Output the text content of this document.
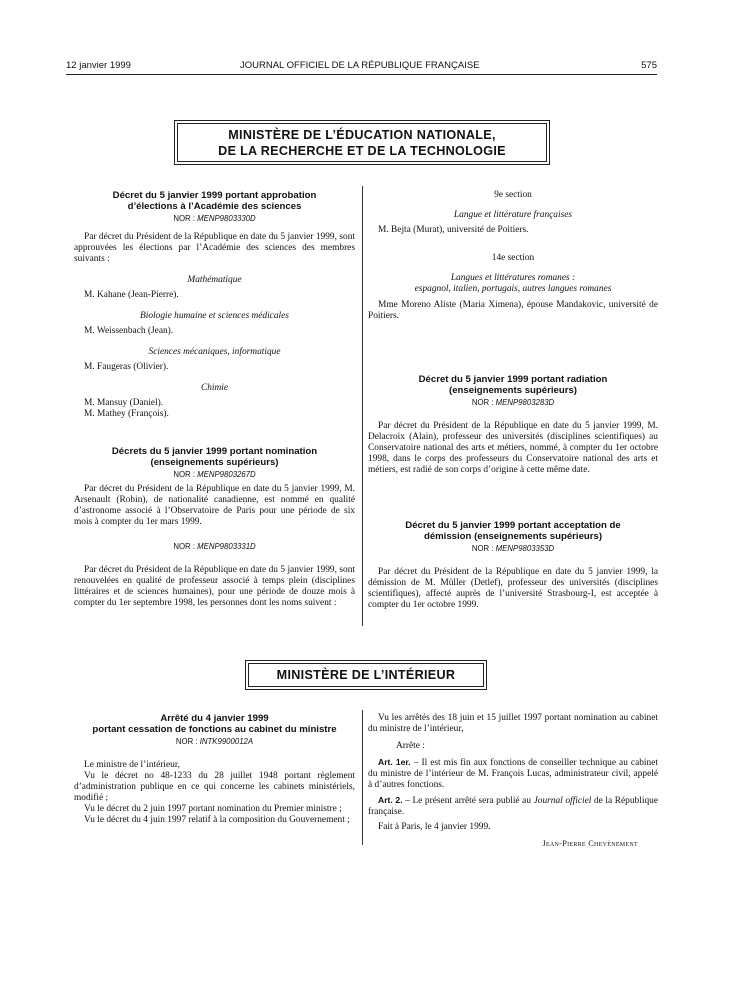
12 janvier 1999	JOURNAL OFFICIEL DE LA RÉPUBLIQUE FRANÇAISE	575
MINISTÈRE DE L’ÉDUCATION NATIONALE,
DE LA RECHERCHE ET DE LA TECHNOLOGIE

Décret du 5 janvier 1999 portant approbation d’élections à l’Académie des sciences

NOR : MENP9803330D

Par décret du Président de la République en date du 5 janvier 1999, sont approuvées les élections par l’Académie des sciences des membres suivants :

Mathématique

M. Kahane (Jean-Pierre).

Biologie humaine et sciences médicales

M. Weissenbach (Jean).

Sciences mécaniques, informatique

M. Faugeras (Olivier).

Chimie

M. Mansuy (Daniel).

M. Mathey (François).

Décrets du 5 janvier 1999 portant nomination (enseignements supérieurs)

NOR : MENP9803267D

Par décret du Président de la République en date du 5 janvier 1999, M. Arsenault (Robin), de nationalité canadienne, est nommé en qualité d’astronome associé à l’Observatoire de Paris pour une période de six mois à compter du 1er mars 1999.

NOR : MENP9803331D

Par décret du Président de la République en date du 5 janvier 1999, sont renouvelées en qualité de professeur associé à temps plein (disciplines littéraires et de sciences humaines), pour une période de douze mois à compter du 1er septembre 1998, les personnes dont les noms suivent :

9e section

Langue et littérature françaises

M. Bejta (Murat), université de Poitiers.

14e section

Langues et littératures romanes :

espagnol, italien, portugais, autres langues romanes

Mme Moreno Aliste (Maria Ximena), épouse Mandakovic, université de Poitiers.

Décret du 5 janvier 1999 portant radiation (enseignements supérieurs)

NOR : MENP9803283D

Par décret du Président de la République en date du 5 janvier 1999, M. Delacroix (Alain), professeur des universités (disciplines scientifiques) au Conservatoire national des arts et métiers, nommé, à compter du 1er octobre 1998, dans le corps des professeurs du Conservatoire national des arts et métiers, est radié de son corps d’origine à cette même date.

Décret du 5 janvier 1999 portant acceptation de démission (enseignements supérieurs)

NOR : MENP9803353D

Par décret du Président de la République en date du 5 janvier 1999, la démission de M. Müller (Detlef), professeur des universités (disciplines scientifiques), affecté auprès de l’université Strasbourg-I, est acceptée à compter du 1er octobre 1999.

MINISTÈRE DE L’INTÉRIEUR

Arrêté du 4 janvier 1999

portant cessation de fonctions au cabinet du ministre

NOR : INTK9900012A

Le ministre de l’intérieur,

Vu le décret no 48-1233 du 28 juillet 1948 portant règlement d’administration publique en ce qui concerne les cabinets ministériels, modifié ;

Vu le décret du 2 juin 1997 portant nomination du Premier ministre ;

Vu le décret du 4 juin 1997 relatif à la composition du Gouvernement ;

Vu les arrêtés des 18 juin et 15 juillet 1997 portant nomination au cabinet du ministre de l’intérieur,

Arrête :

Art. 1er. – Il est mis fin aux fonctions de conseiller technique au cabinet du ministre de l’intérieur de M. François Lucas, administrateur civil, appelé à d’autres fonctions.

Art. 2. – Le présent arrêté sera publié au Journal officiel de la République française.

Fait à Paris, le 4 janvier 1999.

Jean-Pierre Chevènement
